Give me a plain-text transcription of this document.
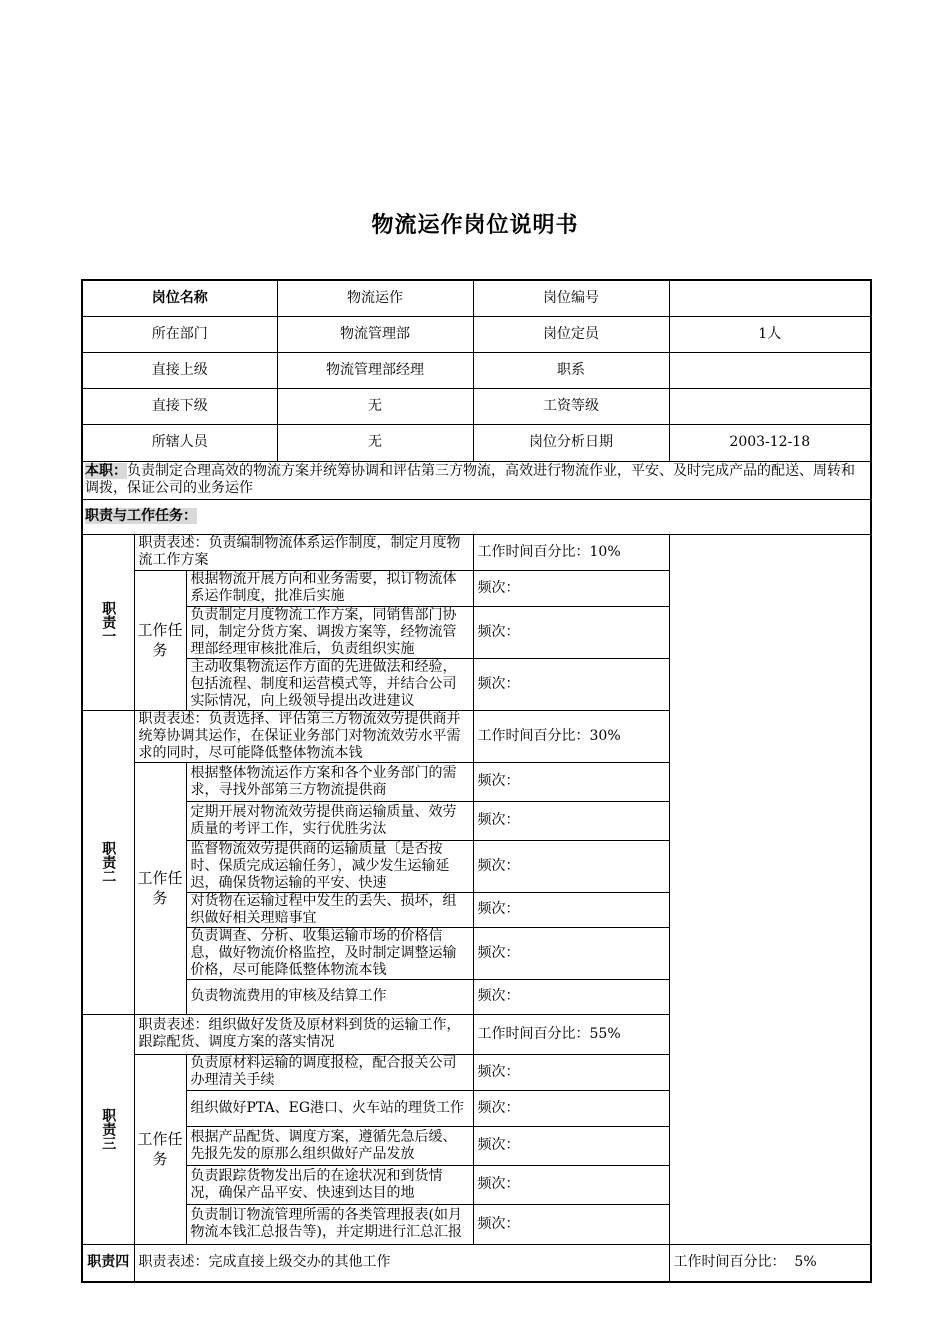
物流运作岗位说明书
岗位名称			物流运作	岗位编号	
所在部门			物流管理部	岗位定员	1人
直接上级			物流管理部经理	职系	
直接下级			无	工资等级	
所辖人员			无	岗位分析日期	2003-12-18
本职：负责制定合理高效的物流方案并统筹协调和评估第三方物流，高效进行物流作业，平安、及时完成产品的配送、周转和调拨，保证公司的业务运作					
职责与工作任务：					
职责一	职责表述：负责编制物流体系运作制度，制定月度物流工作方案			工作时间百分比：10%	
	工作任务	根据物流开展方向和业务需要，拟订物流体系运作制度，批准后实施		频次：	
		负责制定月度物流工作方案，同销售部门协同，制定分货方案、调拨方案等，经物流管理部经理审核批准后，负责组织实施		频次：	
		主动收集物流运作方面的先进做法和经验，包括流程、制度和运营模式等，并结合公司实际情况，向上级领导提出改进建议		频次：	
职责二	职责表述：负责选择、评估第三方物流效劳提供商并统筹协调其运作，在保证业务部门对物流效劳水平需求的同时，尽可能降低整体物流本钱			工作时间百分比：30%	
	工作任务	根据整体物流运作方案和各个业务部门的需求，寻找外部第三方物流提供商		频次：	
		定期开展对物流效劳提供商运输质量、效劳质量的考评工作，实行优胜劣汰		频次：	
		监督物流效劳提供商的运输质量〔是否按时、保质完成运输任务〕，减少发生运输延迟，确保货物运输的平安、快速		频次：	
		对货物在运输过程中发生的丢失、损坏，组织做好相关理赔事宜		频次：	
		负责调查、分析、收集运输市场的价格信息，做好物流价格监控，及时制定调整运输价格，尽可能降低整体物流本钱		频次：	
		负责物流费用的审核及结算工作		频次：	
职责三	职责表述：组织做好发货及原材料到货的运输工作，跟踪配货、调度方案的落实情况			工作时间百分比：55%	
	工作任务	负责原材料运输的调度报检，配合报关公司办理清关手续		频次：	
		组织做好PTA、EG港口、火车站的理货工作		频次：	
		根据产品配货、调度方案，遵循先急后缓、先报先发的原那么组织做好产品发放		频次：	
		负责跟踪货物发出后的在途状况和到货情况，确保产品平安、快速到达目的地		频次：	
		负责制订物流管理所需的各类管理报表(如月物流本钱汇总报告等)，并定期进行汇总汇报		频次：	
职责四	职责表述：完成直接上级交办的其他工作				工作时间百分比：  5%
